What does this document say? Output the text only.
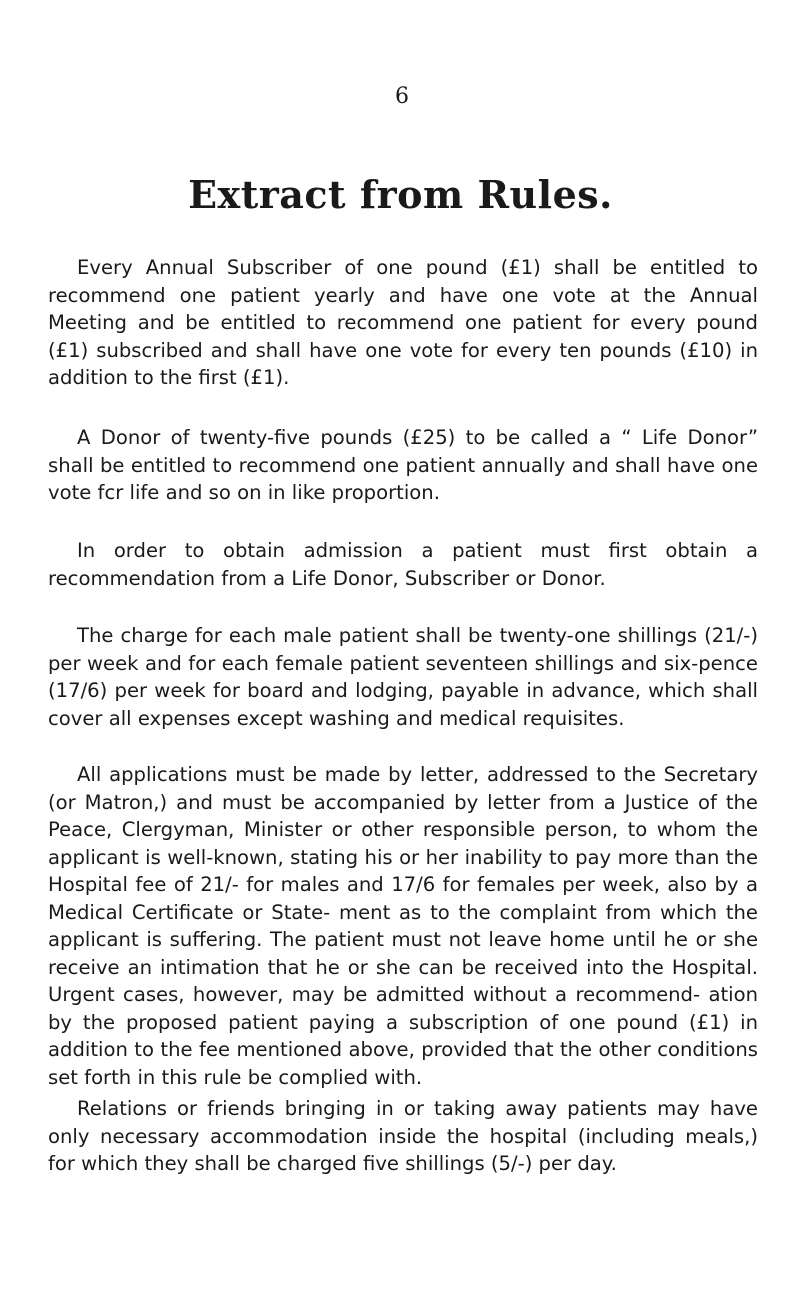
6
Extract from Rules.

Every Annual Subscriber of one pound (£1) shall be entitled to recommend one patient yearly and have one vote at the Annual Meeting and be entitled to recommend one patient for every pound (£1) subscribed and shall have one vote for every ten pounds (£10) in addition to the first (£1).

A Donor of twenty-five pounds (£25) to be called a “ Life Donor” shall be entitled to recommend one patient annually and shall have one vote fcr life and so on in like proportion.

In order to obtain admission a patient must first obtain a recommendation from a Life Donor, Subscriber or Donor.

The charge for each male patient shall be twenty-one shillings (21/-) per week and for each female patient seventeen shillings and six-pence (17/6) per week for board and lodging, payable in advance, which shall cover all expenses except washing and medical requisites.

All applications must be made by letter, addressed to the Secretary (or Matron,) and must be accompanied by letter from a Justice of the Peace, Clergyman, Minister or other responsible person, to whom the applicant is well-known, stating his or her inability to pay more than the Hospital fee of 21/- for males and 17/6 for females per week, also by a Medical Certificate or State- ment as to the complaint from which the applicant is suffering. The patient must not leave home until he or she receive an intimation that he or she can be received into the Hospital. Urgent cases, however, may be admitted without a recommend- ation by the proposed patient paying a subscription of one pound (£1) in addition to the fee mentioned above, provided that the other conditions set forth in this rule be complied with.

Relations or friends bringing in or taking away patients may have only necessary accommodation inside the hospital (including meals,) for which they shall be charged five shillings (5/-) per day.
